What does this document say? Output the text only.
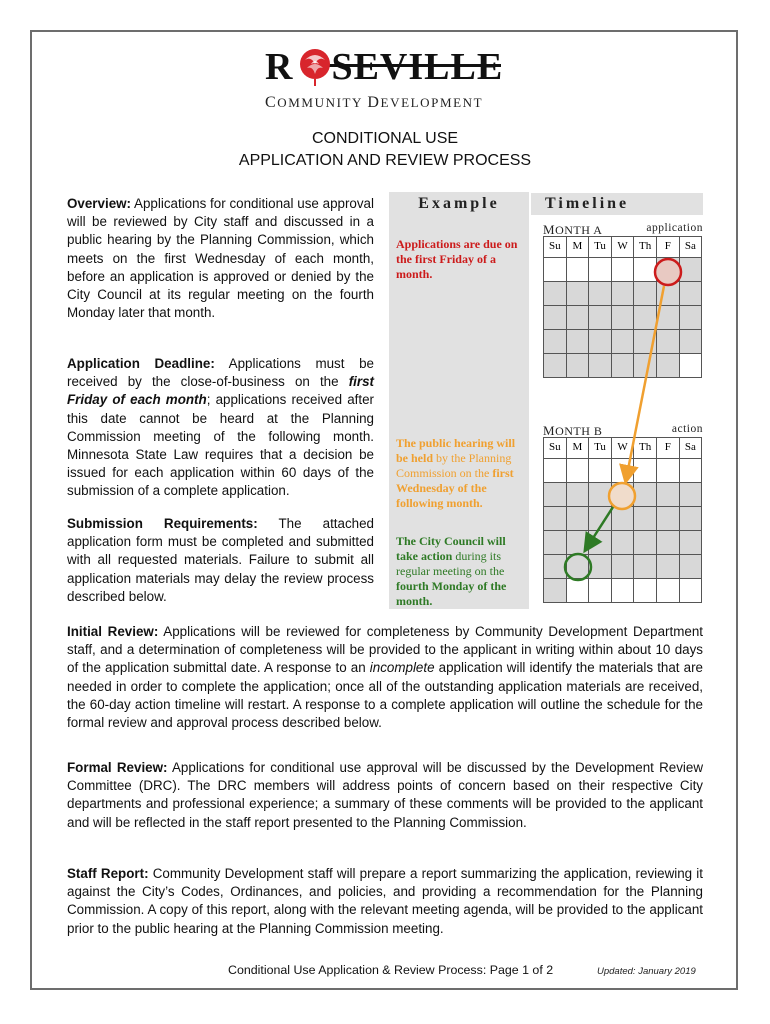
R SEVILLE
COMMUNITY DEVELOPMENT
CONDITIONAL USE
APPLICATION AND REVIEW PROCESS
Overview: Applications for conditional use approval will be reviewed by City staff and discussed in a public hearing by the Planning Commission, which meets on the first Wednesday of each month, before an application is approved or denied by the City Council at its regular meeting on the fourth Monday later that month.
Application Deadline: Applications must be received by the close-of-business on the first Friday of each month; applications received after this date cannot be heard at the Planning Commission meeting of the following month. Minnesota State Law requires that a decision be issued for each application within 60 days of the submission of a complete application.
Submission Requirements: The attached application form must be completed and submitted with all requested materials. Failure to submit all application materials may delay the review process described below.
Example	Timeline
Applications are due on the first Friday of a month.
The public hearing will be held by the Planning Commission on the first Wednesday of the following month.
The City Council will take action during its regular meeting on the fourth Monday of the month.
MONTH A	application
Su	M	Tu	W	Th	F	Sa

MONTH B	action
Su	M	Tu	W	Th	F	Sa

Initial Review: Applications will be reviewed for completeness by Community Development Department staff, and a determination of completeness will be provided to the applicant in writing within about 10 days of the application submittal date. A response to an incomplete application will identify the materials that are needed in order to complete the application; once all of the outstanding application materials are received, the 60-day action timeline will restart. A response to a complete application will outline the schedule for the formal review and approval process described below.
Formal Review: Applications for conditional use approval will be discussed by the Development Review Committee (DRC). The DRC members will address points of concern based on their respective City departments and professional experience; a summary of these comments will be provided to the applicant and will be reflected in the staff report presented to the Planning Commission.
Staff Report: Community Development staff will prepare a report summarizing the application, reviewing it against the City’s Codes, Ordinances, and policies, and providing a recommendation for the Planning Commission. A copy of this report, along with the relevant meeting agenda, will be provided to the applicant prior to the public hearing at the Planning Commission meeting.
Conditional Use Application & Review Process: Page 1 of 2	Updated: January 2019
